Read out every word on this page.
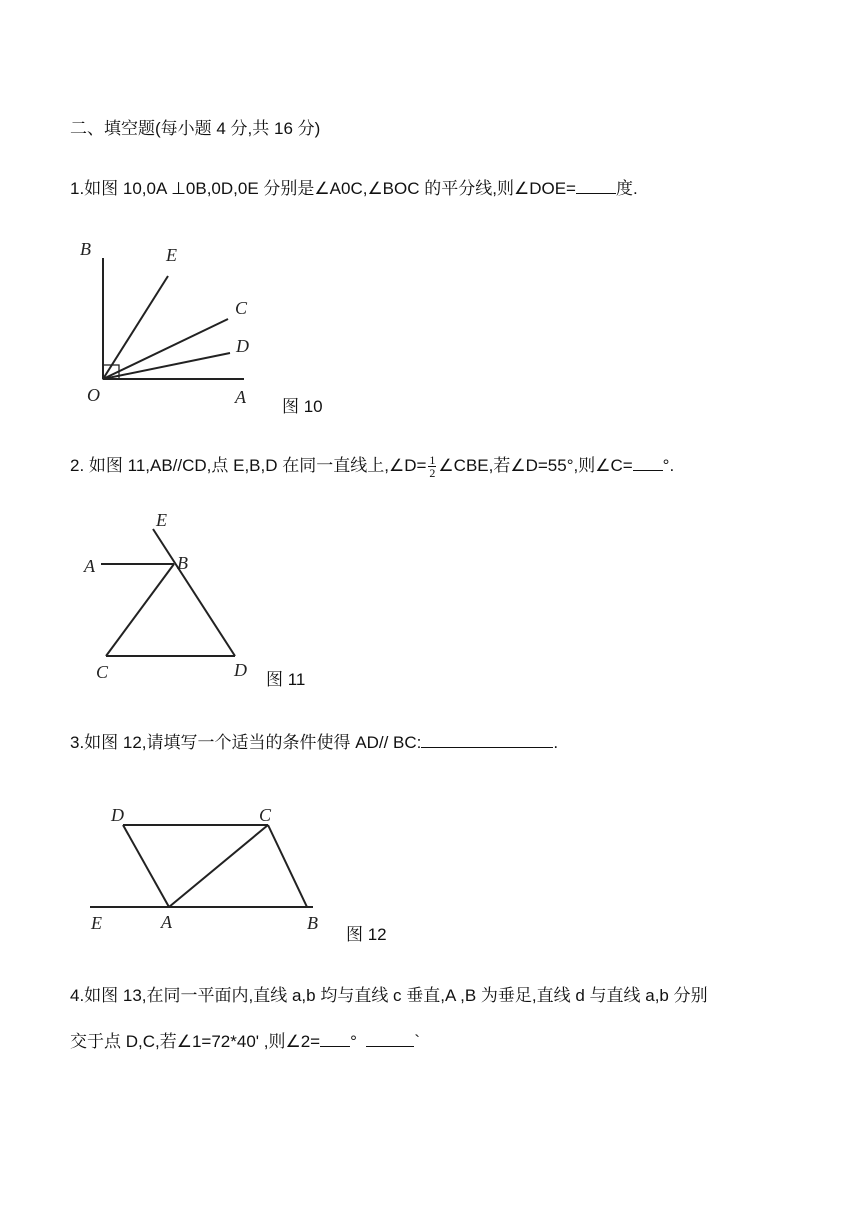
二、填空题(每小题 4 分,共 16 分)
1.如图 10,0A ⊥0B,0D,0E 分别是∠A0C,∠BOC 的平分线,则∠DOE= 度.
B	E
C
D
O	A 图 10
2. 如图 11,AB//CD,点 E,B,D 在同一直线上,∠D= $\frac{1}{2}$ ∠CBE,若∠D=55°,则∠C= °.
E
A	B
C	D 图 11
3.如图 12,请填写一个适当的条件使得 AD// BC:	.
D	C
E	A	B
图 12
4.如图 13,在同一平面内,直线 a,b 均与直线 c 垂直,A ,B 为垂足,直线 d 与直线 a,b 分别
交于点 D,C,若∠1=72*40' ,则∠2= °	`
